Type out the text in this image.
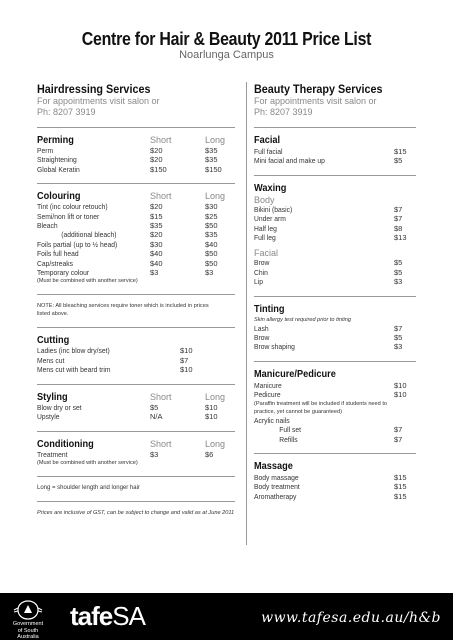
Centre for Hair & Beauty 2011 Price List
Noarlunga Campus
Hairdressing Services
For appointments visit salon or
Ph: 8207 3919
Perming	Short	Long
Perm	$20	$35
Straightening	$20	$35
Global Keratin	$150	$150
Colouring	Short	Long
Tint (inc colour retouch)	$20	$30
Semi/non lift or toner	$15	$25
Bleach	$35	$50
(additional bleach)	$20	$35
Foils partial (up to ½ head)	$30	$40
Foils full head	$40	$50
Cap/streaks	$40	$50
Temporary colour	$3	$3
(Must be combined with another service)
NOTE: All bleaching services require toner which is included in prices
listed above.
Cutting
Ladies (inc blow dry/set)	$10
Mens cut	$7
Mens cut with beard trim	$10
Styling	Short	Long
Blow dry or set	$5	$10
Upstyle	N/A	$10
Conditioning	Short	Long
Treatment	$3	$6
(Must be combined with another service)
Long = shoulder length and longer hair
Prices are inclusive of GST, can be subject to change and valid as at June 2011
Beauty Therapy Services
For appointments visit salon or
Ph: 8207 3919
Facial
Full facial	$15
Mini facial and make up	$5
Waxing
Body
Bikini (basic)	$7
Under arm	$7
Half leg	$8
Full leg	$13
Facial
Brow	$5
Chin	$5
Lip	$3
Tinting
Skin allergy test required prior to tinting
Lash	$7
Brow	$5
Brow shaping	$3
Manicure/Pedicure
Manicure	$10
Pedicure	$10
(Paraffin treatment will be included if students need to
practice, yet cannot be guaranteed)
Acrylic nails
Full set	$7
Refills	$7
Massage
Body massage	$15
Body treatment	$15
Aromatherapy	$15
Government
of South Australia
tafeSA	www.tafesa.edu.au/h&b
